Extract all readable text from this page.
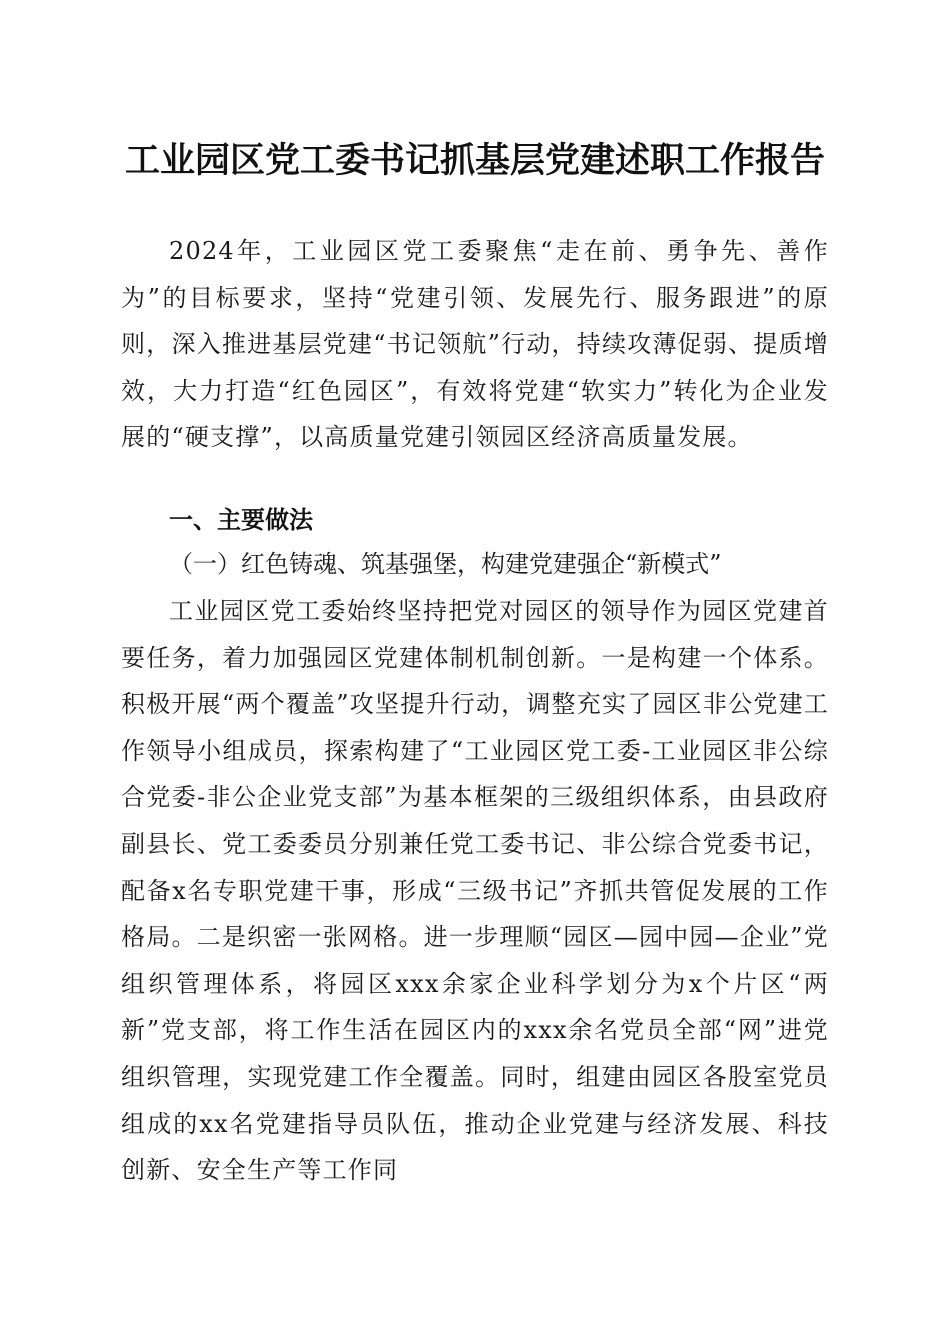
工业园区党工委书记抓基层党建述职工作报告
2024年，工业园区党工委聚焦“走在前、勇争先、善作为”的目标要求，坚持“党建引领、发展先行、服务跟进”的原则，深入推进基层党建“书记领航”行动，持续攻薄促弱、提质增效，大力打造“红色园区”，有效将党建“软实力”转化为企业发展的“硬支撑”，以高质量党建引领园区经济高质量发展。
一、主要做法
（一）红色铸魂、筑基强堡，构建党建强企“新模式”
工业园区党工委始终坚持把党对园区的领导作为园区党建首要任务，着力加强园区党建体制机制创新。一是构建一个体系。积极开展“两个覆盖”攻坚提升行动，调整充实了园区非公党建工作领导小组成员，探索构建了“工业园区党工委-工业园区非公综合党委-非公企业党支部”为基本框架的三级组织体系，由县政府副县长、党工委委员分别兼任党工委书记、非公综合党委书记，配备x名专职党建干事，形成“三级书记”齐抓共管促发展的工作格局。二是织密一张网格。进一步理顺“园区—园中园—企业”党组织管理体系，将园区xxx余家企业科学划分为x个片区“两新”党支部，将工作生活在园区内的xxx余名党员全部“网”进党组织管理，实现党建工作全覆盖。同时，组建由园区各股室党员组成的xx名党建指导员队伍，推动企业党建与经济发展、科技创新、安全生产等工作同
